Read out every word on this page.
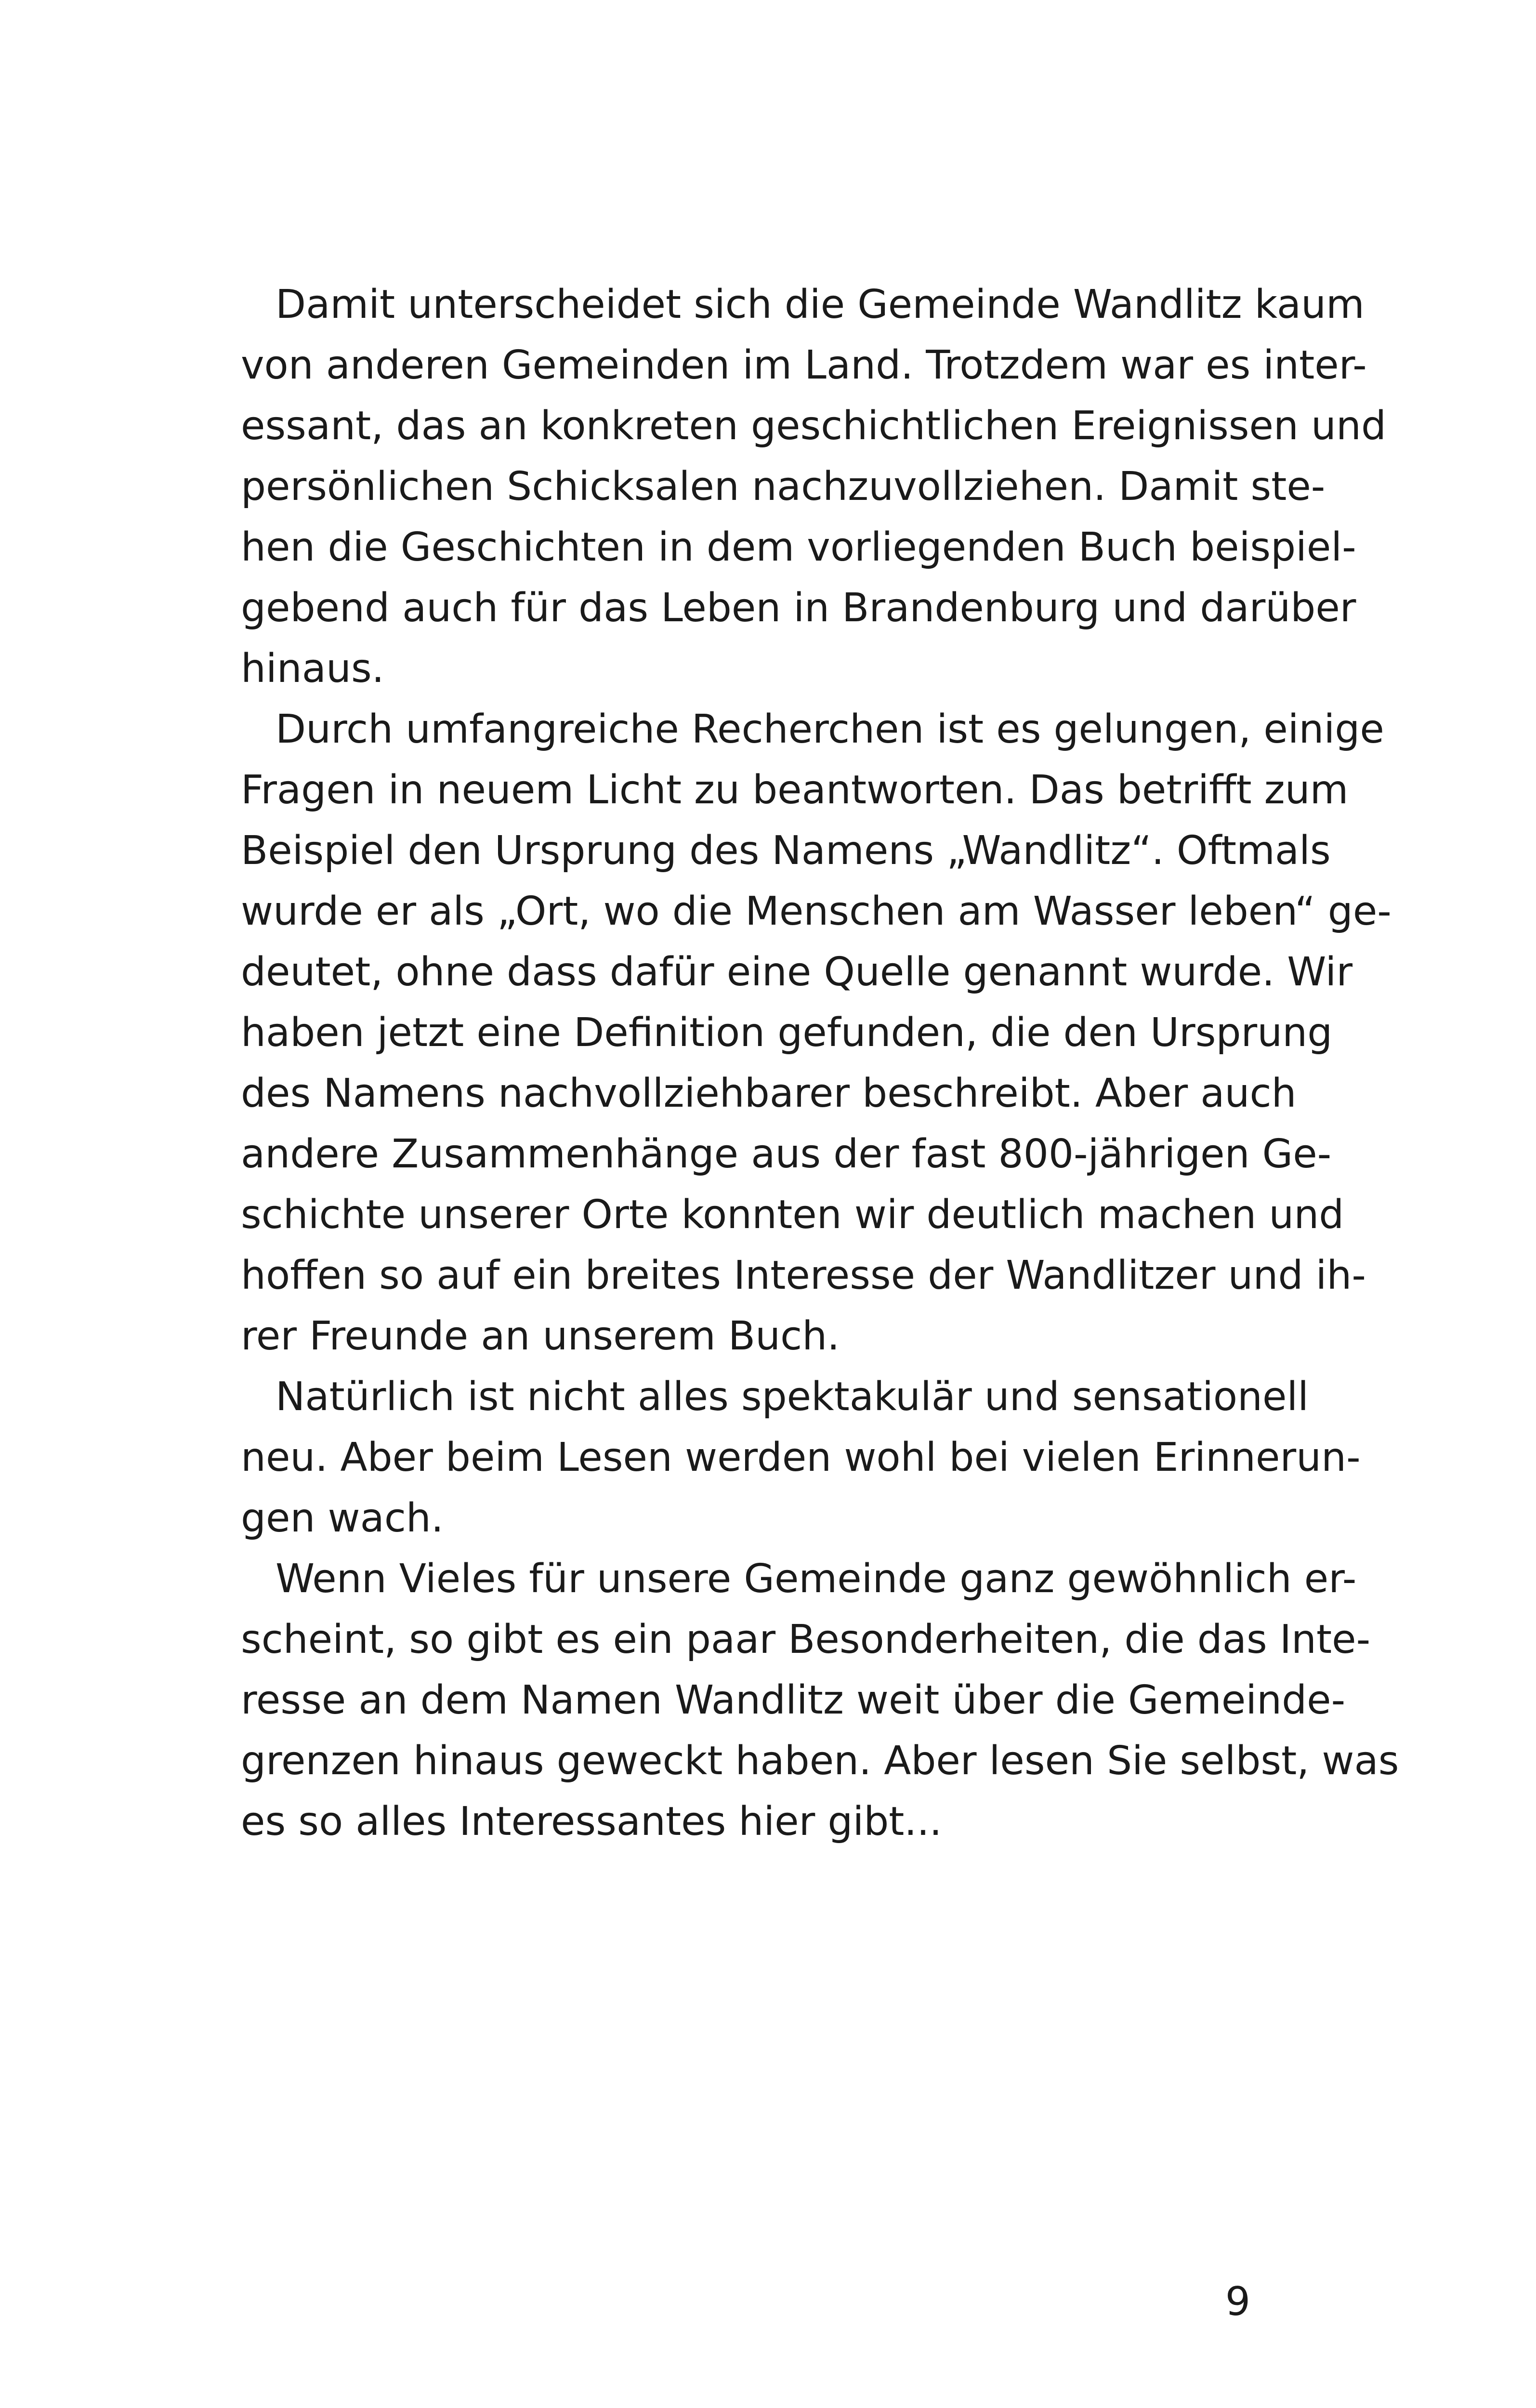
Damit unterscheidet sich die Gemeinde Wandlitz kaum
von anderen Gemeinden im Land. Trotzdem war es inter-
essant, das an konkreten geschichtlichen Ereignissen und
persönlichen Schicksalen nachzuvollziehen. Damit ste-
hen die Geschichten in dem vorliegenden Buch beispiel-
gebend auch für das Leben in Brandenburg und darüber
hinaus.
Durch umfangreiche Recherchen ist es gelungen, einige
Fragen in neuem Licht zu beantworten. Das betrifft zum
Beispiel den Ursprung des Namens „Wandlitz“. Oftmals
wurde er als „Ort, wo die Menschen am Wasser leben“ ge-
deutet, ohne dass dafür eine Quelle genannt wurde. Wir
haben jetzt eine Definition gefunden, die den Ursprung
des Namens nachvollziehbarer beschreibt. Aber auch
andere Zusammenhänge aus der fast 800-jährigen Ge-
schichte unserer Orte konnten wir deutlich machen und
hoffen so auf ein breites Interesse der Wandlitzer und ih-
rer Freunde an unserem Buch.
Natürlich ist nicht alles spektakulär und sensationell
neu. Aber beim Lesen werden wohl bei vielen Erinnerun-
gen wach.
Wenn Vieles für unsere Gemeinde ganz gewöhnlich er-
scheint, so gibt es ein paar Besonderheiten, die das Inte-
resse an dem Namen Wandlitz weit über die Gemeinde-
grenzen hinaus geweckt haben. Aber lesen Sie selbst, was
es so alles Interessantes hier gibt...
9
